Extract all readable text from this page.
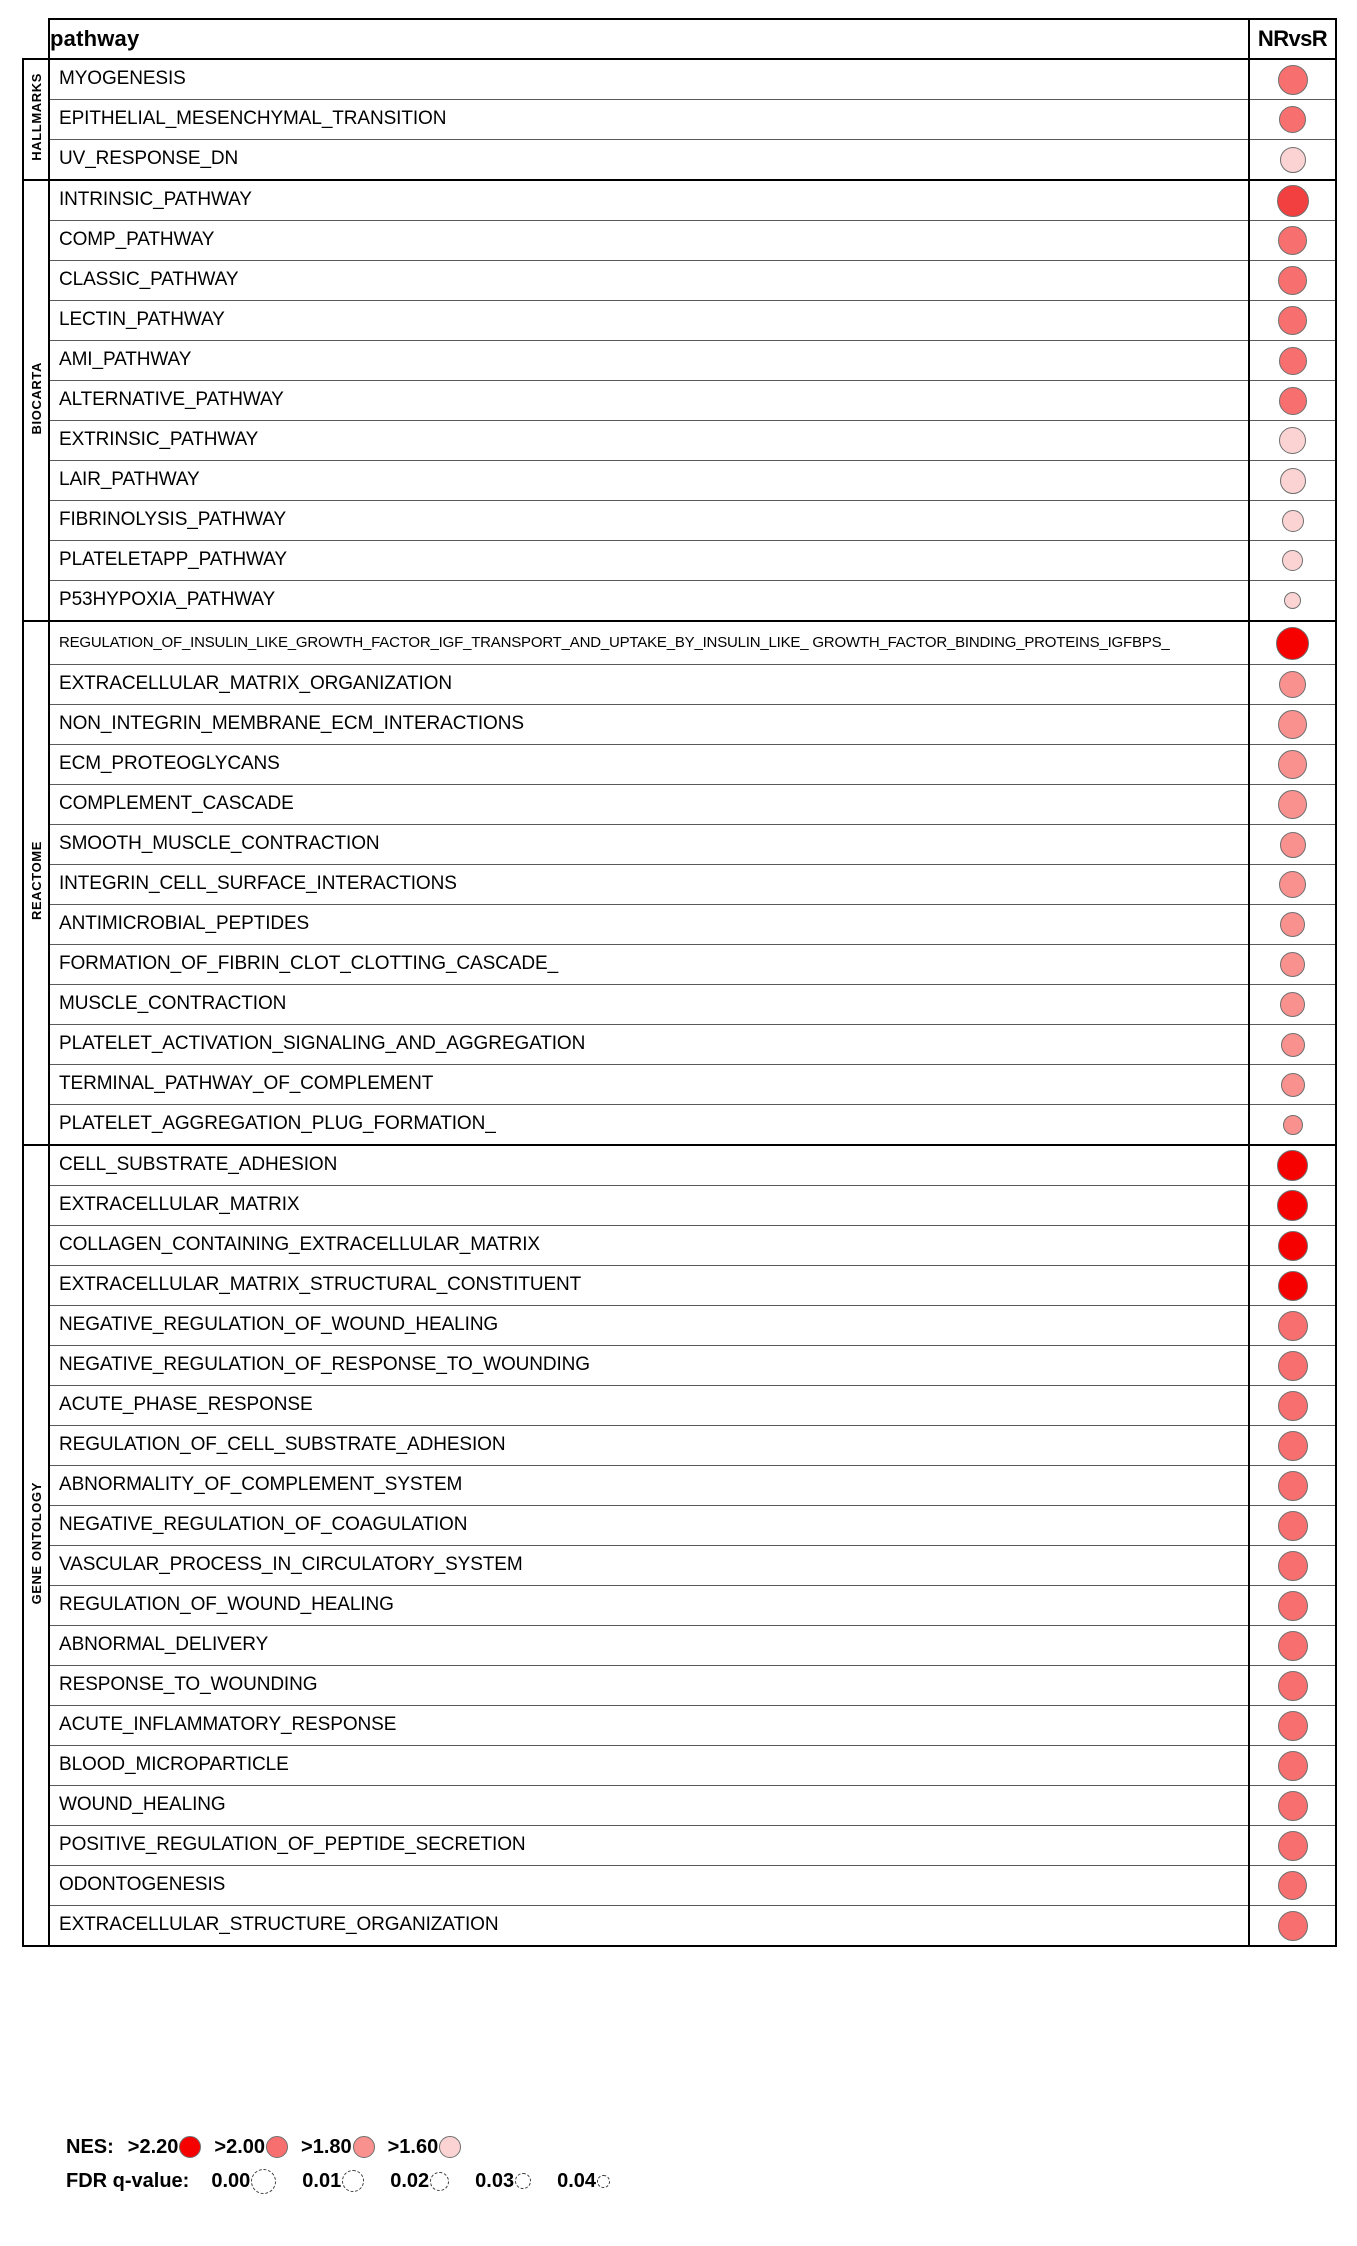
	pathway	NRvsR
HALLMARKS	MYOGENESIS	
	EPITHELIAL_MESENCHYMAL_TRANSITION	
	UV_RESPONSE_DN	
BIOCARTA	INTRINSIC_PATHWAY	
	COMP_PATHWAY	
	CLASSIC_PATHWAY	
	LECTIN_PATHWAY	
	AMI_PATHWAY	
	ALTERNATIVE_PATHWAY	
	EXTRINSIC_PATHWAY	
	LAIR_PATHWAY	
	FIBRINOLYSIS_PATHWAY	
	PLATELETAPP_PATHWAY	
	P53HYPOXIA_PATHWAY	
REACTOME	REGULATION_OF_INSULIN_LIKE_GROWTH_FACTOR_IGF_TRANSPORT_AND_UPTAKE_BY_INSULIN_LIKE_ GROWTH_FACTOR_BINDING_PROTEINS_IGFBPS_	
	EXTRACELLULAR_MATRIX_ORGANIZATION	
	NON_INTEGRIN_MEMBRANE_ECM_INTERACTIONS	
	ECM_PROTEOGLYCANS	
	COMPLEMENT_CASCADE	
	SMOOTH_MUSCLE_CONTRACTION	
	INTEGRIN_CELL_SURFACE_INTERACTIONS	
	ANTIMICROBIAL_PEPTIDES	
	FORMATION_OF_FIBRIN_CLOT_CLOTTING_CASCADE_	
	MUSCLE_CONTRACTION	
	PLATELET_ACTIVATION_SIGNALING_AND_AGGREGATION	
	TERMINAL_PATHWAY_OF_COMPLEMENT	
	PLATELET_AGGREGATION_PLUG_FORMATION_	
GENE ONTOLOGY	CELL_SUBSTRATE_ADHESION	
	EXTRACELLULAR_MATRIX	
	COLLAGEN_CONTAINING_EXTRACELLULAR_MATRIX	
	EXTRACELLULAR_MATRIX_STRUCTURAL_CONSTITUENT	
	NEGATIVE_REGULATION_OF_WOUND_HEALING	
	NEGATIVE_REGULATION_OF_RESPONSE_TO_WOUNDING	
	ACUTE_PHASE_RESPONSE	
	REGULATION_OF_CELL_SUBSTRATE_ADHESION	
	ABNORMALITY_OF_COMPLEMENT_SYSTEM	
	NEGATIVE_REGULATION_OF_COAGULATION	
	VASCULAR_PROCESS_IN_CIRCULATORY_SYSTEM	
	REGULATION_OF_WOUND_HEALING	
	ABNORMAL_DELIVERY	
	RESPONSE_TO_WOUNDING	
	ACUTE_INFLAMMATORY_RESPONSE	
	BLOOD_MICROPARTICLE	
	WOUND_HEALING	
	POSITIVE_REGULATION_OF_PEPTIDE_SECRETION	
	ODONTOGENESIS	
	EXTRACELLULAR_STRUCTURE_ORGANIZATION	
NES: >2.20 >2.00 >1.80 >1.60
FDR q-value: 0.00	0.01 0.02 0.03 0.04
